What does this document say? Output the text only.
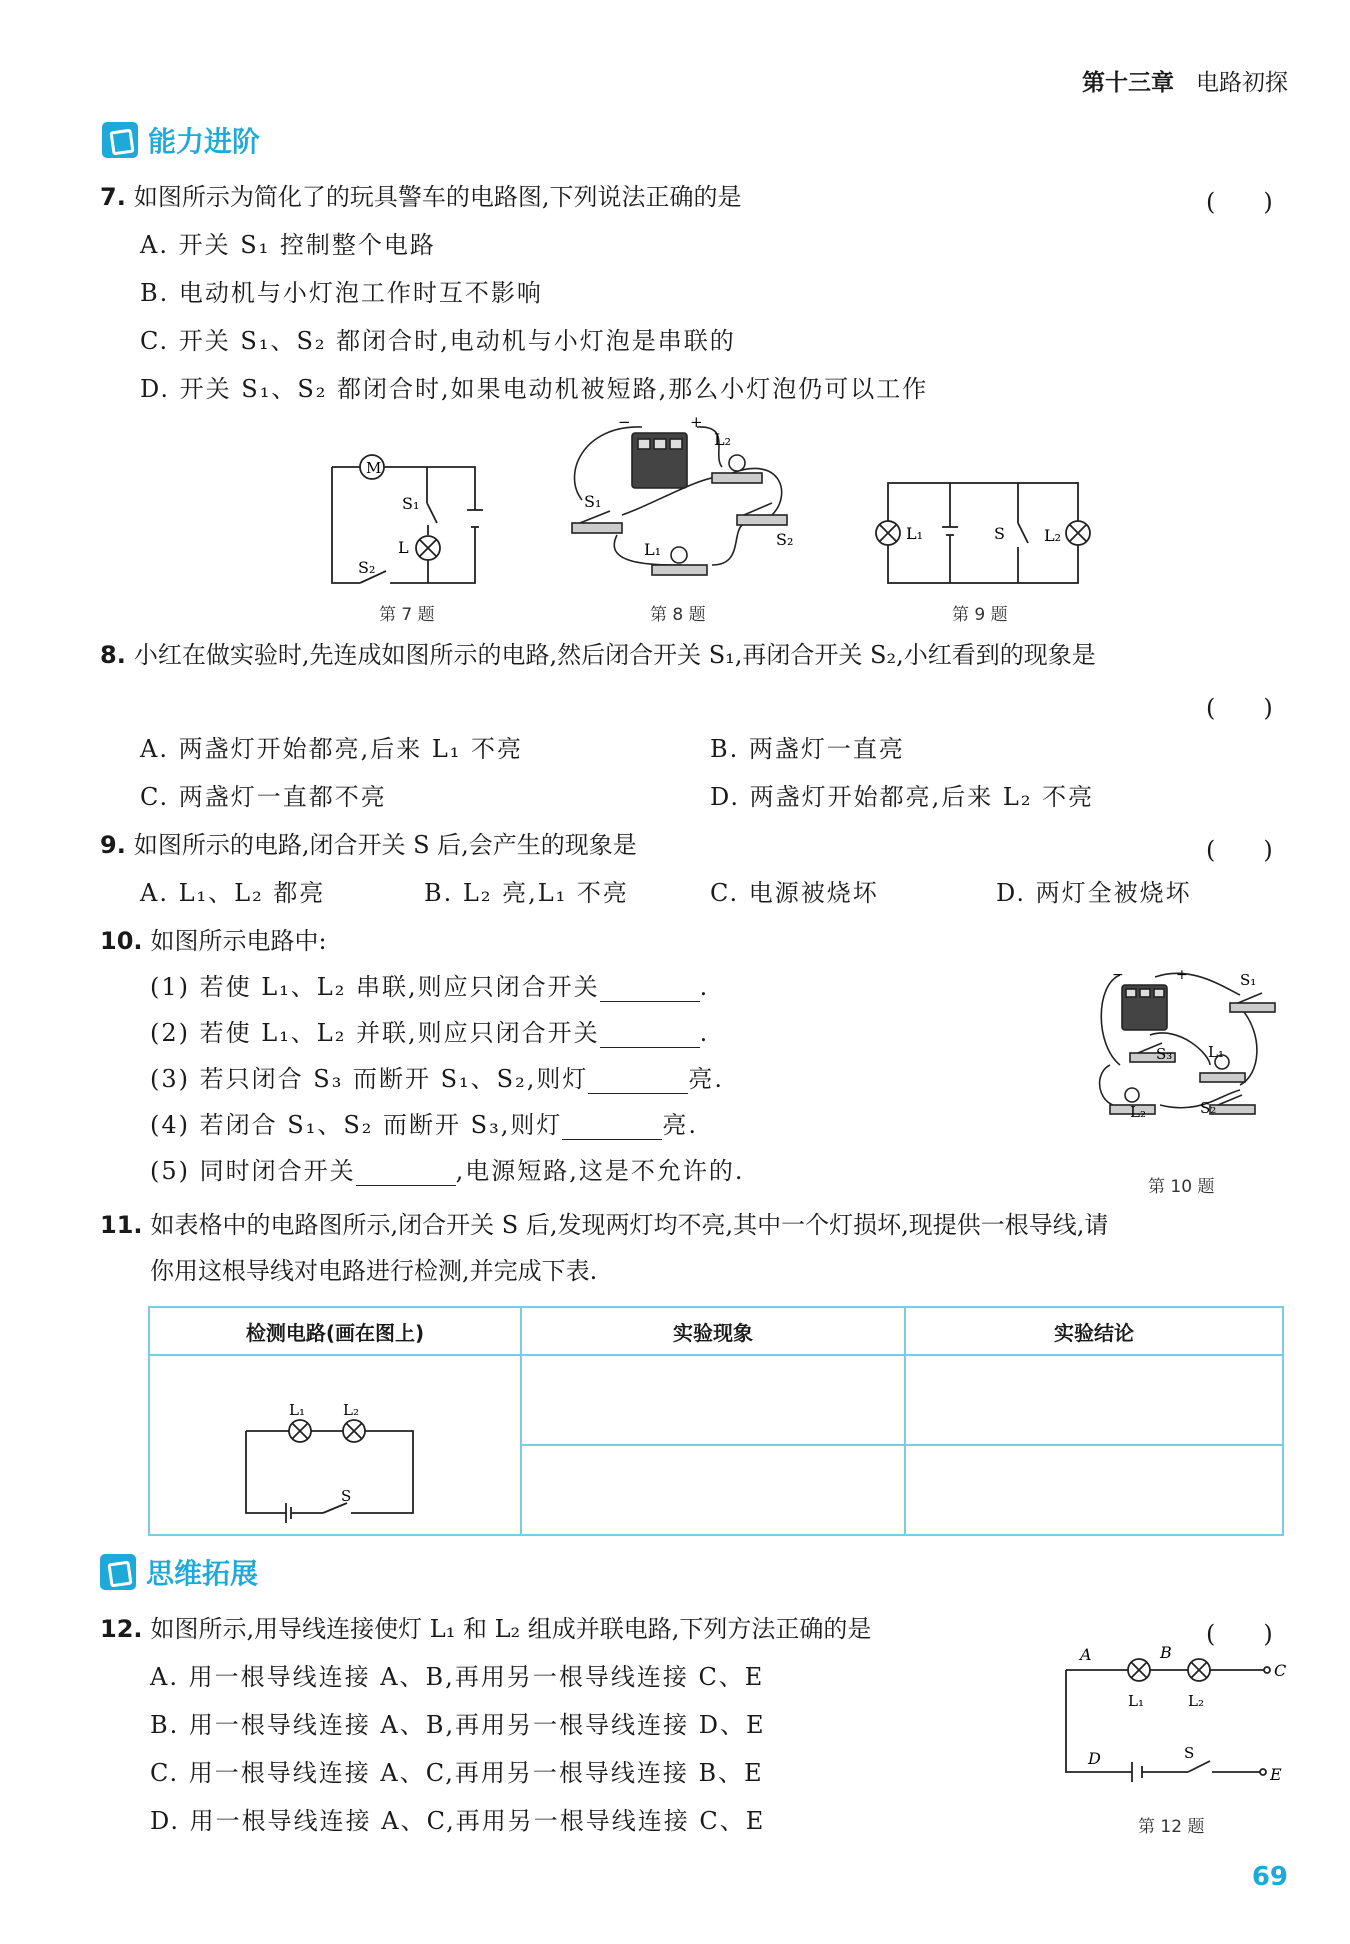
第十三章 电路初探
能力进阶
7. 如图所示为简化了的玩具警车的电路图,下列说法正确的是	(　　)
A. 开关 S₁ 控制整个电路
B. 电动机与小灯泡工作时互不影响
C. 开关 S₁、S₂ 都闭合时,电动机与小灯泡是串联的
D. 开关 S₁、S₂ 都闭合时,如果电动机被短路,那么小灯泡仍可以工作
M
S₁
L
S₂
第 7 题
−	+
L₂
S₁
S₂
L₁
第 8 题
L₁	S L₂
第 9 题
8. 小红在做实验时,先连成如图所示的电路,然后闭合开关 S₁,再闭合开关 S₂,小红看到的现象是
(　　)
A. 两盏灯开始都亮,后来 L₁ 不亮	B. 两盏灯一直亮
C. 两盏灯一直都不亮	D. 两盏灯开始都亮,后来 L₂ 不亮
9. 如图所示的电路,闭合开关 S 后,会产生的现象是	(　　)
A. L₁、L₂ 都亮	B. L₂ 亮,L₁ 不亮	C. 电源被烧坏	D. 两灯全被烧坏
10. 如图所示电路中:
(1) 若使 L₁、L₂ 串联,则应只闭合开关	.
(2) 若使 L₁、L₂ 并联,则应只闭合开关	.
(3) 若只闭合 S₃ 而断开 S₁、S₂,则灯	亮.
(4) 若闭合 S₁、S₂ 而断开 S₃,则灯	亮.
(5) 同时闭合开关	,电源短路,这是不允许的.
−	+	S₁
S₃ L₁
L₂	S₂
第 10 题
11. 如表格中的电路图所示,闭合开关 S 后,发现两灯均不亮,其中一个灯损坏,现提供一根导线,请
你用这根导线对电路进行检测,并完成下表.
检测电路(画在图上)	实验现象	实验结论

L₁ L₂
S		

思维拓展
12. 如图所示,用导线连接使灯 L₁ 和 L₂ 组成并联电路,下列方法正确的是	(　　)
A. 用一根导线连接 A、B,再用另一根导线连接 C、E
B. 用一根导线连接 A、B,再用另一根导线连接 D、E
C. 用一根导线连接 A、C,再用另一根导线连接 B、E
D. 用一根导线连接 A、C,再用另一根导线连接 C、E
A	B
C
D
E
L₁	L₂
S
第 12 题
69
